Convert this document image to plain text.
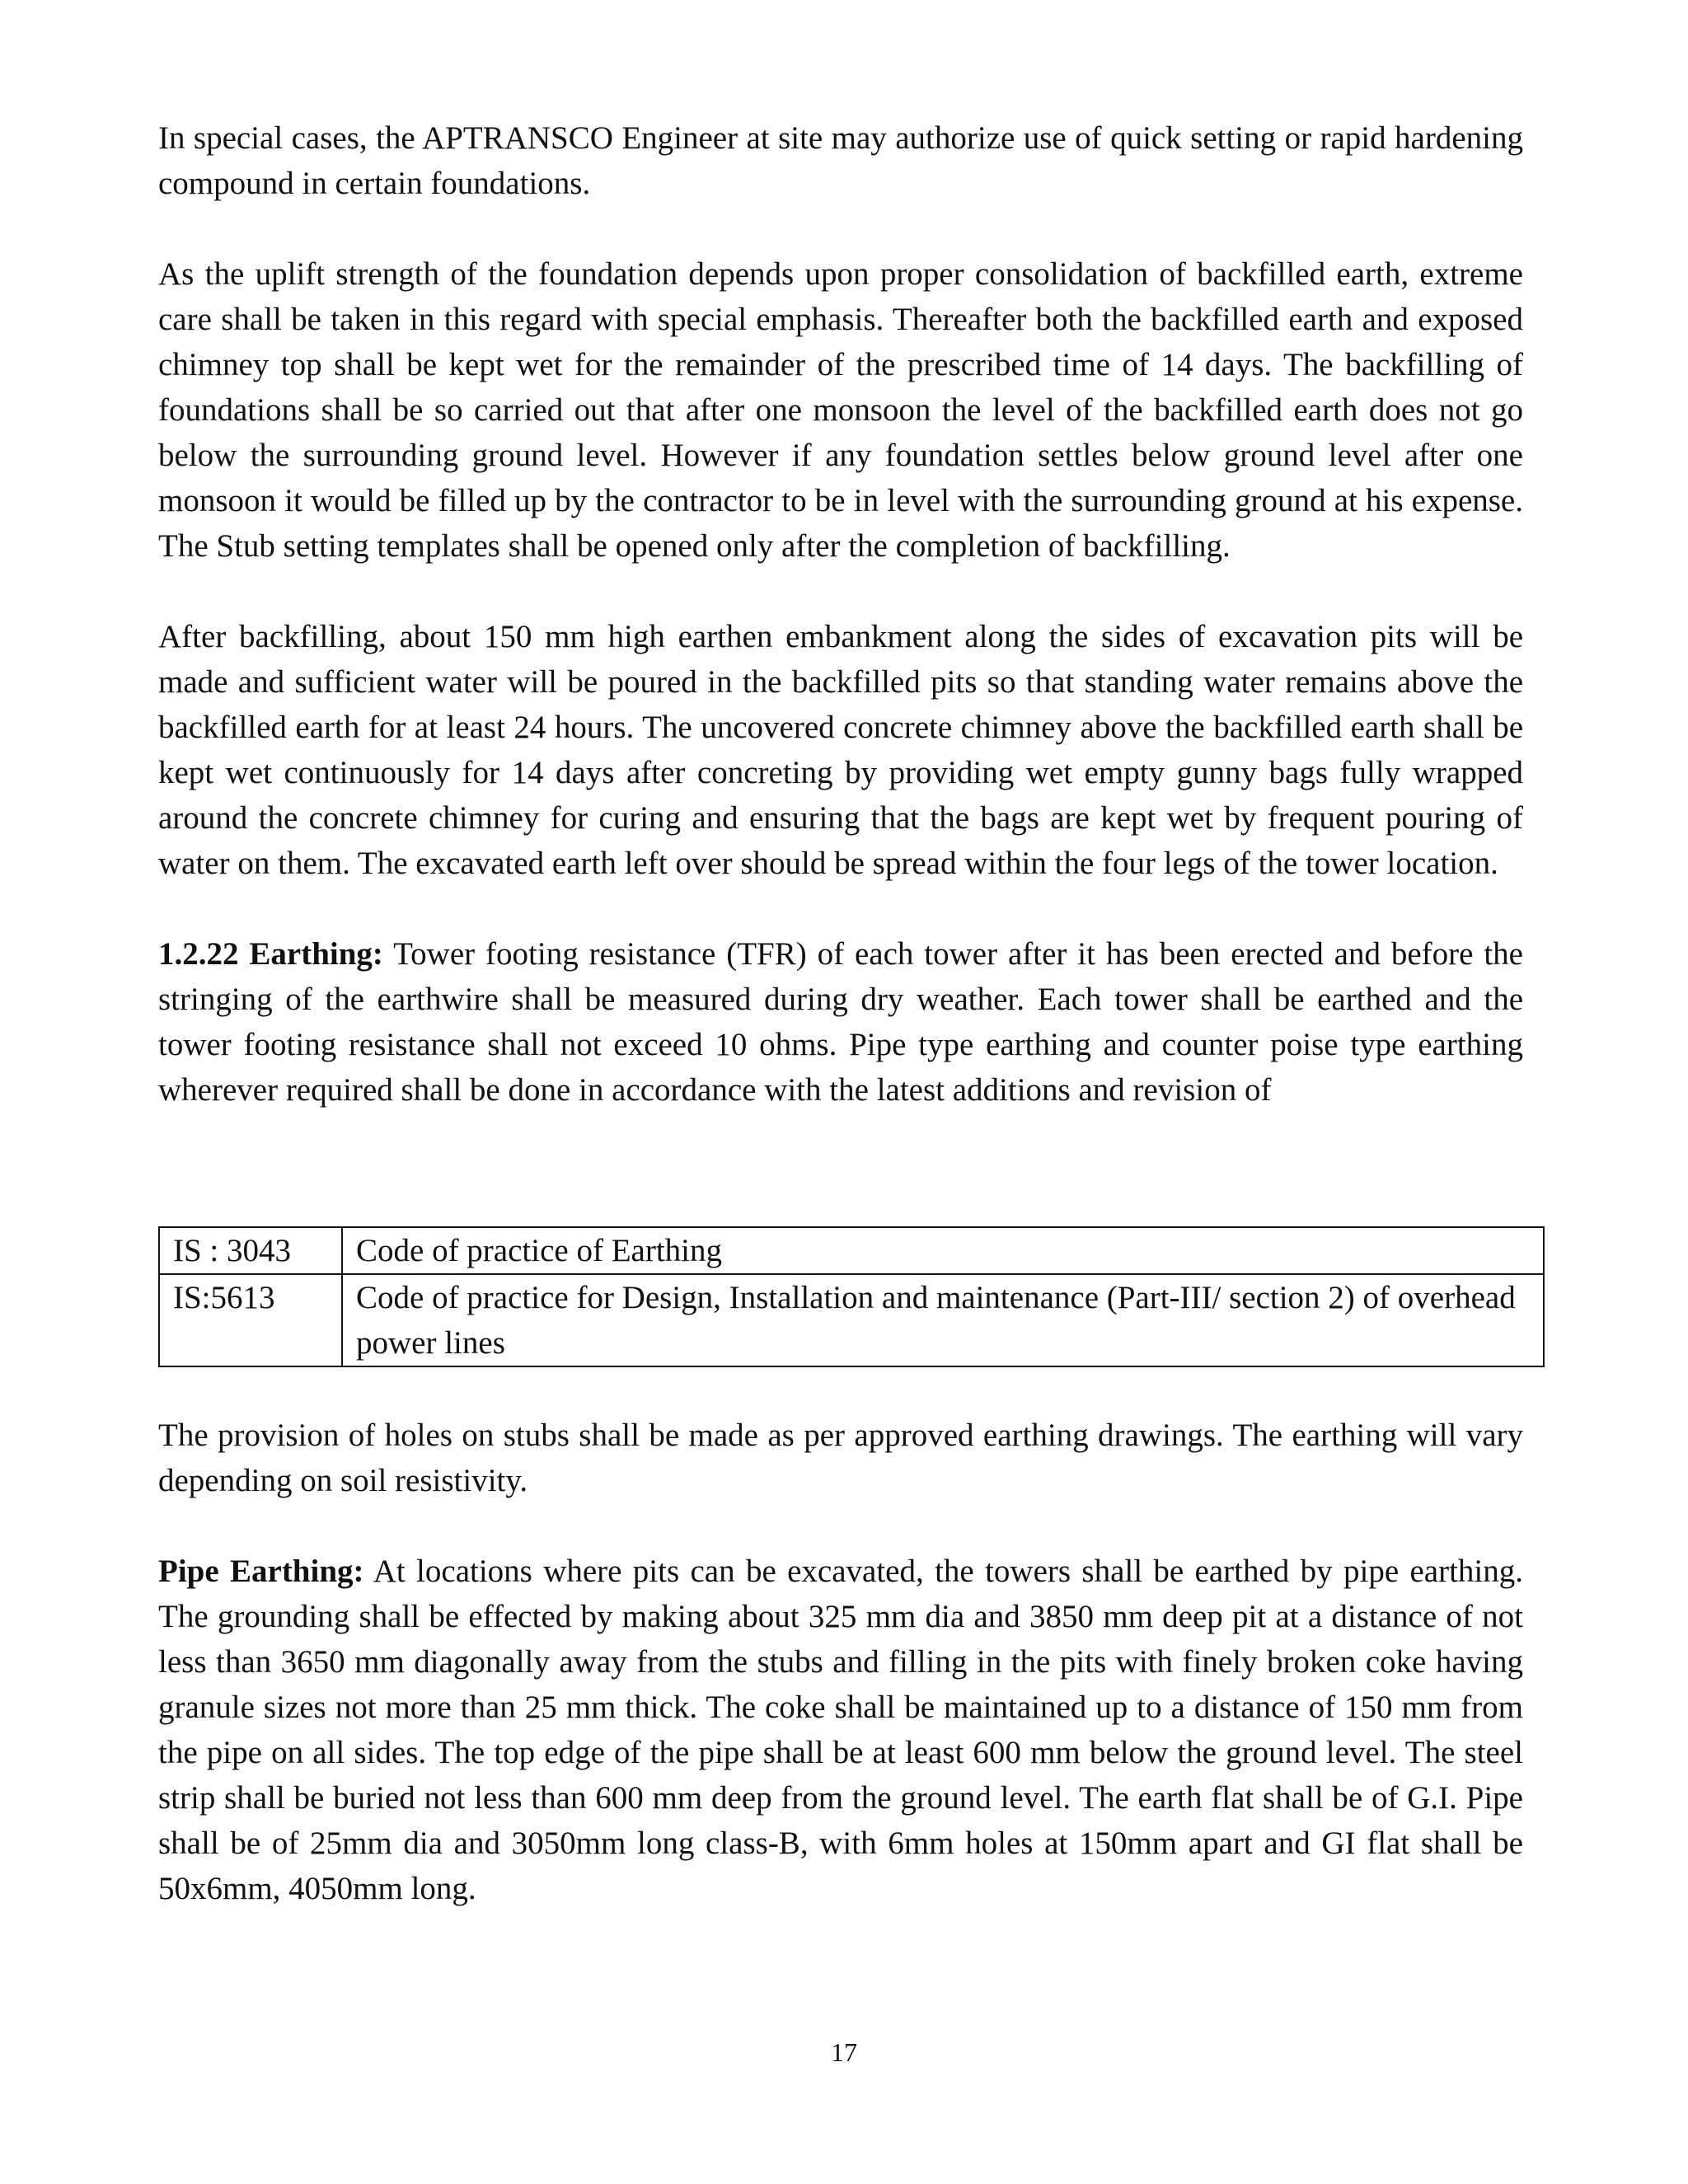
In special cases, the APTRANSCO Engineer at site may authorize use of quick setting or rapid hardening compound in certain foundations.

As the uplift strength of the foundation depends upon proper consolidation of backfilled earth, extreme care shall be taken in this regard with special emphasis. Thereafter both the backfilled earth and exposed chimney top shall be kept wet for the remainder of the prescribed time of 14 days. The backfilling of foundations shall be so carried out that after one monsoon the level of the backfilled earth does not go below the surrounding ground level. However if any foundation settles below ground level after one monsoon it would be filled up by the contractor to be in level with the surrounding ground at his expense. The Stub setting templates shall be opened only after the completion of backfilling.

After backfilling, about 150 mm high earthen embankment along the sides of excavation pits will be made and sufficient water will be poured in the backfilled pits so that standing water remains above the backfilled earth for at least 24 hours. The uncovered concrete chimney above the backfilled earth shall be kept wet continuously for 14 days after concreting by providing wet empty gunny bags fully wrapped around the concrete chimney for curing and ensuring that the bags are kept wet by frequent pouring of water on them. The excavated earth left over should be spread within the four legs of the tower location.

1.2.22 Earthing: Tower footing resistance (TFR) of each tower after it has been erected and before the stringing of the earthwire shall be measured during dry weather. Each tower shall be earthed and the tower footing resistance shall not exceed 10 ohms. Pipe type earthing and counter poise type earthing wherever required shall be done in accordance with the latest additions and revision of

IS : 3043	Code of practice of Earthing
IS:5613	Code of practice for Design, Installation and maintenance (Part-III/ section 2) of overhead power lines

The provision of holes on stubs shall be made as per approved earthing drawings. The earthing will vary depending on soil resistivity.

Pipe Earthing: At locations where pits can be excavated, the towers shall be earthed by pipe earthing. The grounding shall be effected by making about 325 mm dia and 3850 mm deep pit at a distance of not less than 3650 mm diagonally away from the stubs and filling in the pits with finely broken coke having granule sizes not more than 25 mm thick. The coke shall be maintained up to a distance of 150 mm from the pipe on all sides. The top edge of the pipe shall be at least 600 mm below the ground level. The steel strip shall be buried not less than 600 mm deep from the ground level. The earth flat shall be of G.I. Pipe shall be of 25mm dia and 3050mm long class-B, with 6mm holes at 150mm apart and GI flat shall be 50x6mm, 4050mm long.

17
